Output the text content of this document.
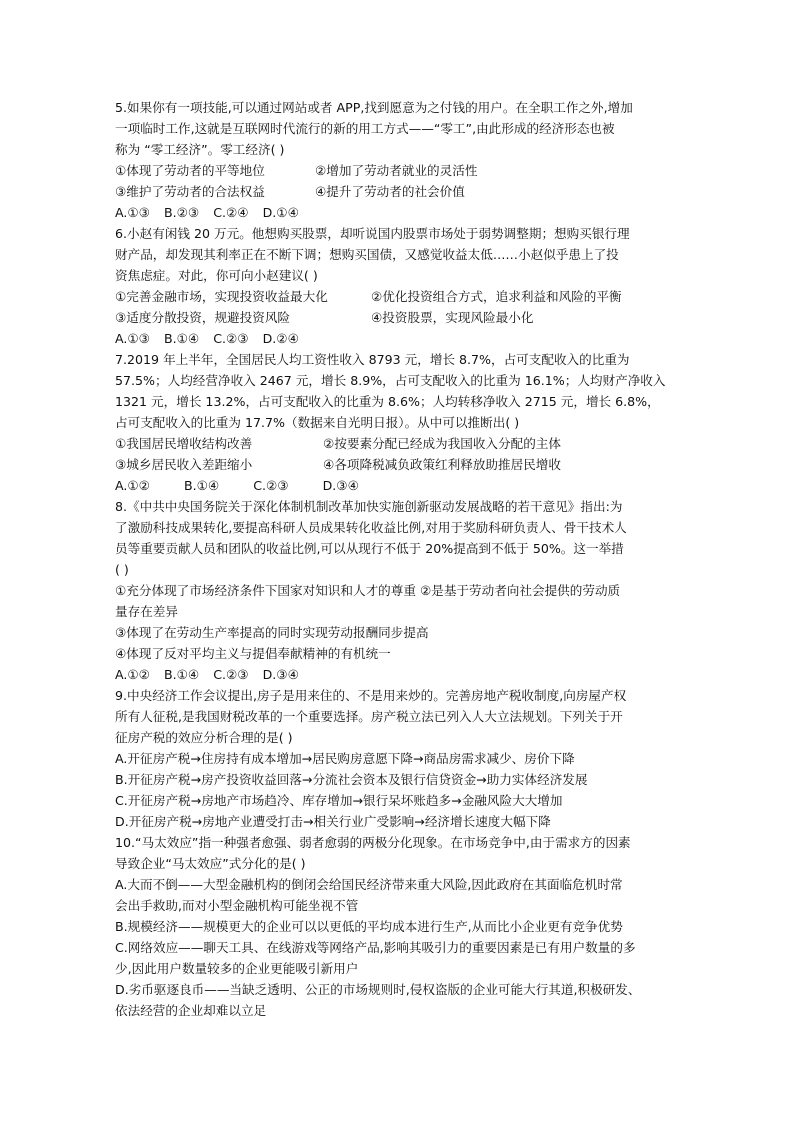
5.如果你有一项技能,可以通过网站或者 APP,找到愿意为之付钱的用户。在全职工作之外,增加
一项临时工作,这就是互联网时代流行的新的用工方式——“零工”,由此形成的经济形态也被
称为 “零工经济”。零工经济( )
①体现了劳动者的平等地位	②增加了劳动者就业的灵活性
③维护了劳动者的合法权益	④提升了劳动者的社会价值
A.①③ B.②③ C.②④ D.①④
6.小赵有闲钱 20 万元。他想购买股票，却听说国内股票市场处于弱势调整期；想购买银行理
财产品，却发现其利率正在不断下调；想购买国债，又感觉收益太低……小赵似乎患上了投
资焦虑症。对此，你可向小赵建议( )
①完善金融市场，实现投资收益最大化	②优化投资组合方式，追求利益和风险的平衡
③适度分散投资，规避投资风险	④投资股票，实现风险最小化
A.①③ B.①④ C.②③ D.②④
7.2019 年上半年，全国居民人均工资性收入 8793 元，增长 8.7%，占可支配收入的比重为
57.5%；人均经营净收入 2467 元，增长 8.9%，占可支配收入的比重为 16.1%；人均财产净收入
1321 元，增长 13.2%，占可支配收入的比重为 8.6%；人均转移净收入 2715 元，增长 6.8%，
占可支配收入的比重为 17.7%（数据来自光明日报）。从中可以推断出( )
①我国居民增收结构改善	②按要素分配已经成为我国收入分配的主体
③城乡居民收入差距缩小	④各项降税减负政策红利释放助推居民增收
A.①②	B.①④	C.②③	D.③④
8.《中共中央国务院关于深化体制机制改革加快实施创新驱动发展战略的若干意见》指出:为
了激励科技成果转化,要提高科研人员成果转化收益比例,对用于奖励科研负责人、骨干技术人
员等重要贡献人员和团队的收益比例,可以从现行不低于 20%提高到不低于 50%。这一举措
( )
①充分体现了市场经济条件下国家对知识和人才的尊重 ②是基于劳动者向社会提供的劳动质
量存在差异
③体现了在劳动生产率提高的同时实现劳动报酬同步提高
④体现了反对平均主义与提倡奉献精神的有机统一
A.①② B.①④ C.②③ D.③④
9.中央经济工作会议提出,房子是用来住的、不是用来炒的。完善房地产税收制度,向房屋产权
所有人征税,是我国财税改革的一个重要选择。房产税立法已列入人大立法规划。下列关于开
征房产税的效应分析合理的是( )
A.开征房产税→住房持有成本增加→居民购房意愿下降→商品房需求减少、房价下降
B.开征房产税→房产投资收益回落→分流社会资本及银行信贷资金→助力实体经济发展
C.开征房产税→房地产市场趋冷、库存增加→银行呆坏账趋多→金融风险大大增加
D.开征房产税→房地产业遭受打击→相关行业广受影响→经济增长速度大幅下降
10.“马太效应”指一种强者愈强、弱者愈弱的两极分化现象。在市场竞争中,由于需求方的因素
导致企业“马太效应”式分化的是( )
A.大而不倒——大型金融机构的倒闭会给国民经济带来重大风险,因此政府在其面临危机时常
会出手救助,而对小型金融机构可能坐视不管
B.规模经济——规模更大的企业可以以更低的平均成本进行生产,从而比小企业更有竞争优势
C.网络效应——聊天工具、在线游戏等网络产品,影响其吸引力的重要因素是已有用户数量的多
少,因此用户数量较多的企业更能吸引新用户
D.劣币驱逐良币——当缺乏透明、公正的市场规则时,侵权盗版的企业可能大行其道,积极研发、
依法经营的企业却难以立足
